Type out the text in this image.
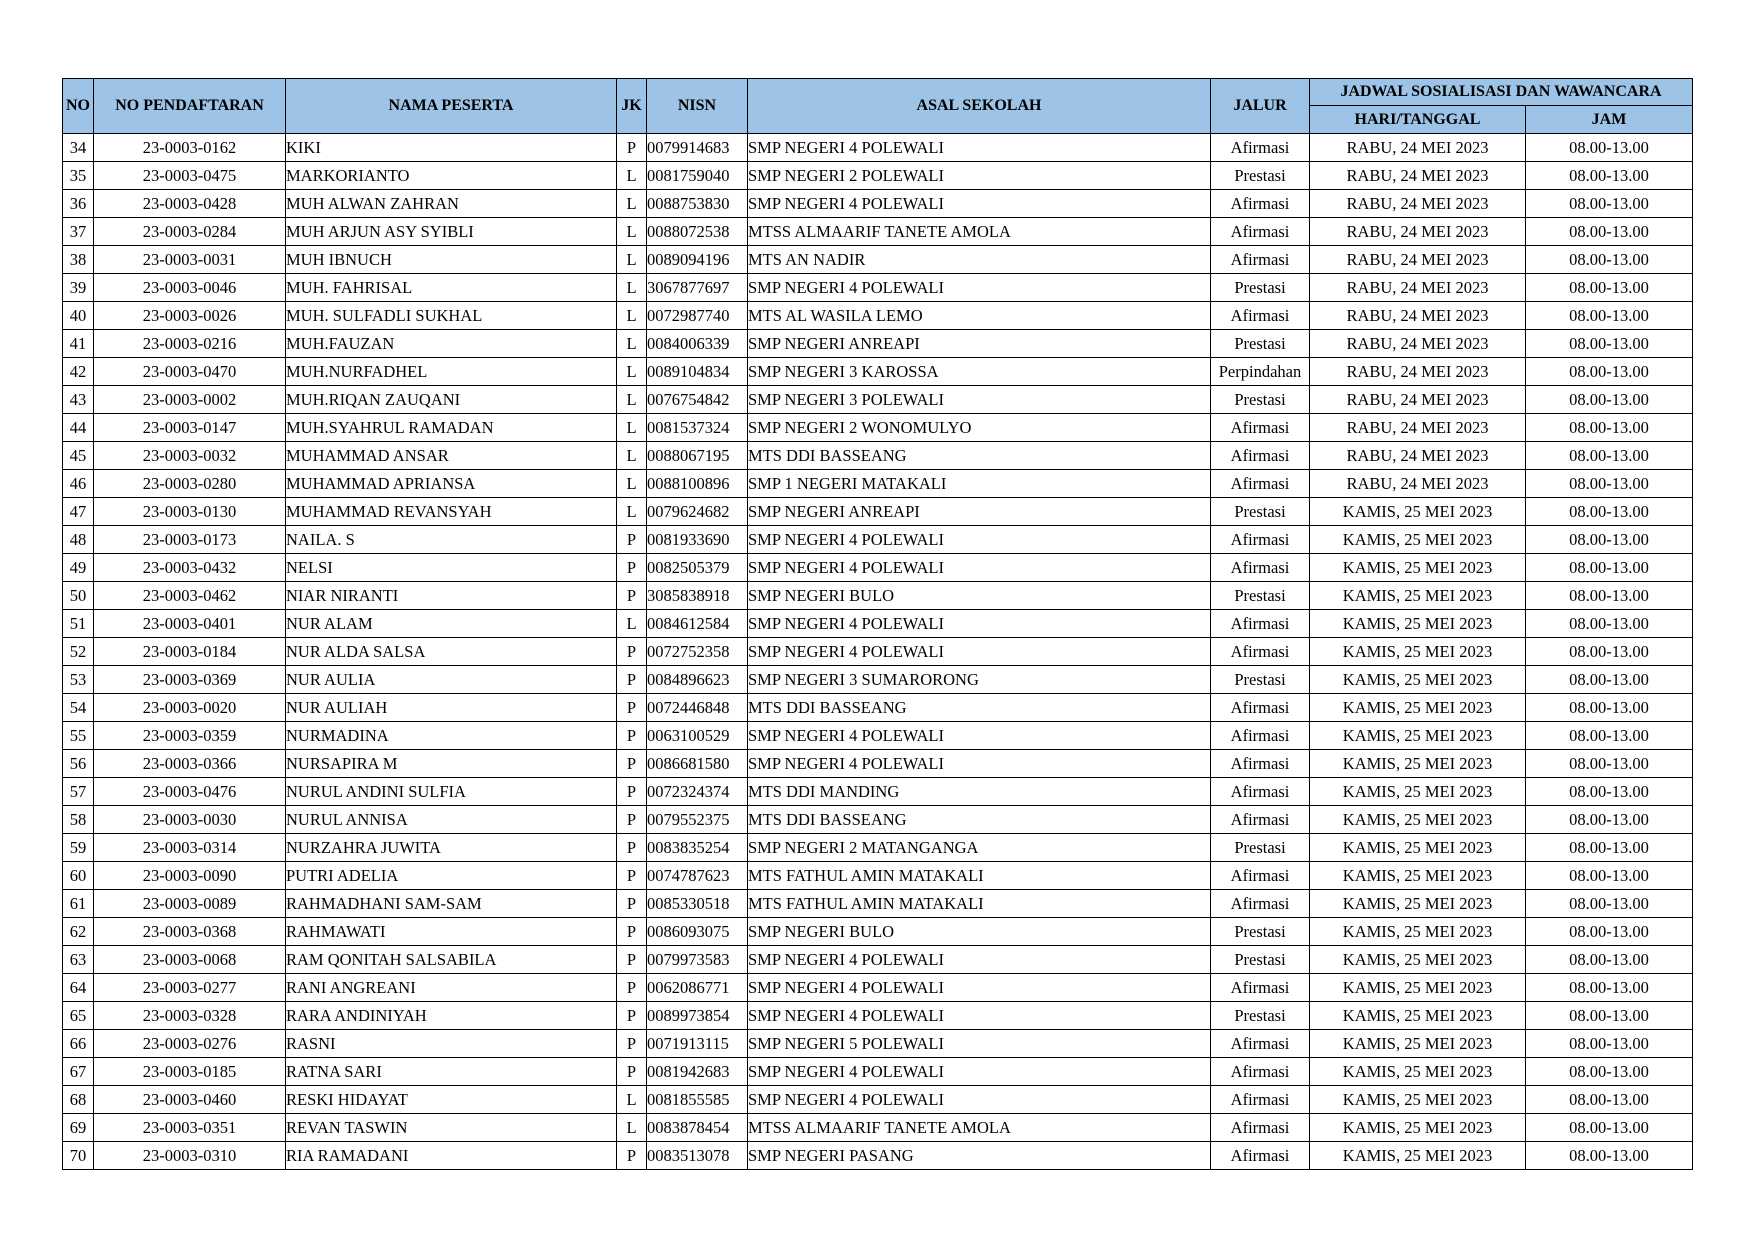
NO	NO PENDAFTARAN	NAMA PESERTA	JK	NISN	ASAL SEKOLAH	JALUR	JADWAL SOSIALISASI DAN WAWANCARA	
							HARI/TANGGAL	JAM
34	23-0003-0162	KIKI	P	0079914683	SMP NEGERI 4 POLEWALI	Afirmasi	RABU, 24 MEI 2023	08.00-13.00
35	23-0003-0475	MARKORIANTO	L	0081759040	SMP NEGERI 2 POLEWALI	Prestasi	RABU, 24 MEI 2023	08.00-13.00
36	23-0003-0428	MUH ALWAN ZAHRAN	L	0088753830	SMP NEGERI 4 POLEWALI	Afirmasi	RABU, 24 MEI 2023	08.00-13.00
37	23-0003-0284	MUH ARJUN ASY SYIBLI	L	0088072538	MTSS ALMAARIF TANETE AMOLA	Afirmasi	RABU, 24 MEI 2023	08.00-13.00
38	23-0003-0031	MUH IBNUCH	L	0089094196	MTS AN NADIR	Afirmasi	RABU, 24 MEI 2023	08.00-13.00
39	23-0003-0046	MUH. FAHRISAL	L	3067877697	SMP NEGERI 4 POLEWALI	Prestasi	RABU, 24 MEI 2023	08.00-13.00
40	23-0003-0026	MUH. SULFADLI SUKHAL	L	0072987740	MTS AL WASILA LEMO	Afirmasi	RABU, 24 MEI 2023	08.00-13.00
41	23-0003-0216	MUH.FAUZAN	L	0084006339	SMP NEGERI ANREAPI	Prestasi	RABU, 24 MEI 2023	08.00-13.00
42	23-0003-0470	MUH.NURFADHEL	L	0089104834	SMP NEGERI 3 KAROSSA	Perpindahan	RABU, 24 MEI 2023	08.00-13.00
43	23-0003-0002	MUH.RIQAN ZAUQANI	L	0076754842	SMP NEGERI 3 POLEWALI	Prestasi	RABU, 24 MEI 2023	08.00-13.00
44	23-0003-0147	MUH.SYAHRUL RAMADAN	L	0081537324	SMP NEGERI 2 WONOMULYO	Afirmasi	RABU, 24 MEI 2023	08.00-13.00
45	23-0003-0032	MUHAMMAD ANSAR	L	0088067195	MTS DDI BASSEANG	Afirmasi	RABU, 24 MEI 2023	08.00-13.00
46	23-0003-0280	MUHAMMAD APRIANSA	L	0088100896	SMP 1 NEGERI MATAKALI	Afirmasi	RABU, 24 MEI 2023	08.00-13.00
47	23-0003-0130	MUHAMMAD REVANSYAH	L	0079624682	SMP NEGERI ANREAPI	Prestasi	KAMIS, 25 MEI 2023	08.00-13.00
48	23-0003-0173	NAILA. S	P	0081933690	SMP NEGERI 4 POLEWALI	Afirmasi	KAMIS, 25 MEI 2023	08.00-13.00
49	23-0003-0432	NELSI	P	0082505379	SMP NEGERI 4 POLEWALI	Afirmasi	KAMIS, 25 MEI 2023	08.00-13.00
50	23-0003-0462	NIAR NIRANTI	P	3085838918	SMP NEGERI BULO	Prestasi	KAMIS, 25 MEI 2023	08.00-13.00
51	23-0003-0401	NUR ALAM	L	0084612584	SMP NEGERI 4 POLEWALI	Afirmasi	KAMIS, 25 MEI 2023	08.00-13.00
52	23-0003-0184	NUR ALDA SALSA	P	0072752358	SMP NEGERI 4 POLEWALI	Afirmasi	KAMIS, 25 MEI 2023	08.00-13.00
53	23-0003-0369	NUR AULIA	P	0084896623	SMP NEGERI 3 SUMARORONG	Prestasi	KAMIS, 25 MEI 2023	08.00-13.00
54	23-0003-0020	NUR AULIAH	P	0072446848	MTS DDI BASSEANG	Afirmasi	KAMIS, 25 MEI 2023	08.00-13.00
55	23-0003-0359	NURMADINA	P	0063100529	SMP NEGERI 4 POLEWALI	Afirmasi	KAMIS, 25 MEI 2023	08.00-13.00
56	23-0003-0366	NURSAPIRA M	P	0086681580	SMP NEGERI 4 POLEWALI	Afirmasi	KAMIS, 25 MEI 2023	08.00-13.00
57	23-0003-0476	NURUL ANDINI SULFIA	P	0072324374	MTS DDI MANDING	Afirmasi	KAMIS, 25 MEI 2023	08.00-13.00
58	23-0003-0030	NURUL ANNISA	P	0079552375	MTS DDI BASSEANG	Afirmasi	KAMIS, 25 MEI 2023	08.00-13.00
59	23-0003-0314	NURZAHRA JUWITA	P	0083835254	SMP NEGERI 2 MATANGANGA	Prestasi	KAMIS, 25 MEI 2023	08.00-13.00
60	23-0003-0090	PUTRI ADELIA	P	0074787623	MTS FATHUL AMIN MATAKALI	Afirmasi	KAMIS, 25 MEI 2023	08.00-13.00
61	23-0003-0089	RAHMADHANI SAM-SAM	P	0085330518	MTS FATHUL AMIN MATAKALI	Afirmasi	KAMIS, 25 MEI 2023	08.00-13.00
62	23-0003-0368	RAHMAWATI	P	0086093075	SMP NEGERI BULO	Prestasi	KAMIS, 25 MEI 2023	08.00-13.00
63	23-0003-0068	RAM QONITAH SALSABILA	P	0079973583	SMP NEGERI 4 POLEWALI	Prestasi	KAMIS, 25 MEI 2023	08.00-13.00
64	23-0003-0277	RANI ANGREANI	P	0062086771	SMP NEGERI 4 POLEWALI	Afirmasi	KAMIS, 25 MEI 2023	08.00-13.00
65	23-0003-0328	RARA ANDINIYAH	P	0089973854	SMP NEGERI 4 POLEWALI	Prestasi	KAMIS, 25 MEI 2023	08.00-13.00
66	23-0003-0276	RASNI	P	0071913115	SMP NEGERI 5 POLEWALI	Afirmasi	KAMIS, 25 MEI 2023	08.00-13.00
67	23-0003-0185	RATNA SARI	P	0081942683	SMP NEGERI 4 POLEWALI	Afirmasi	KAMIS, 25 MEI 2023	08.00-13.00
68	23-0003-0460	RESKI HIDAYAT	L	0081855585	SMP NEGERI 4 POLEWALI	Afirmasi	KAMIS, 25 MEI 2023	08.00-13.00
69	23-0003-0351	REVAN TASWIN	L	0083878454	MTSS ALMAARIF TANETE AMOLA	Afirmasi	KAMIS, 25 MEI 2023	08.00-13.00
70	23-0003-0310	RIA RAMADANI	P	0083513078	SMP NEGERI PASANG	Afirmasi	KAMIS, 25 MEI 2023	08.00-13.00
